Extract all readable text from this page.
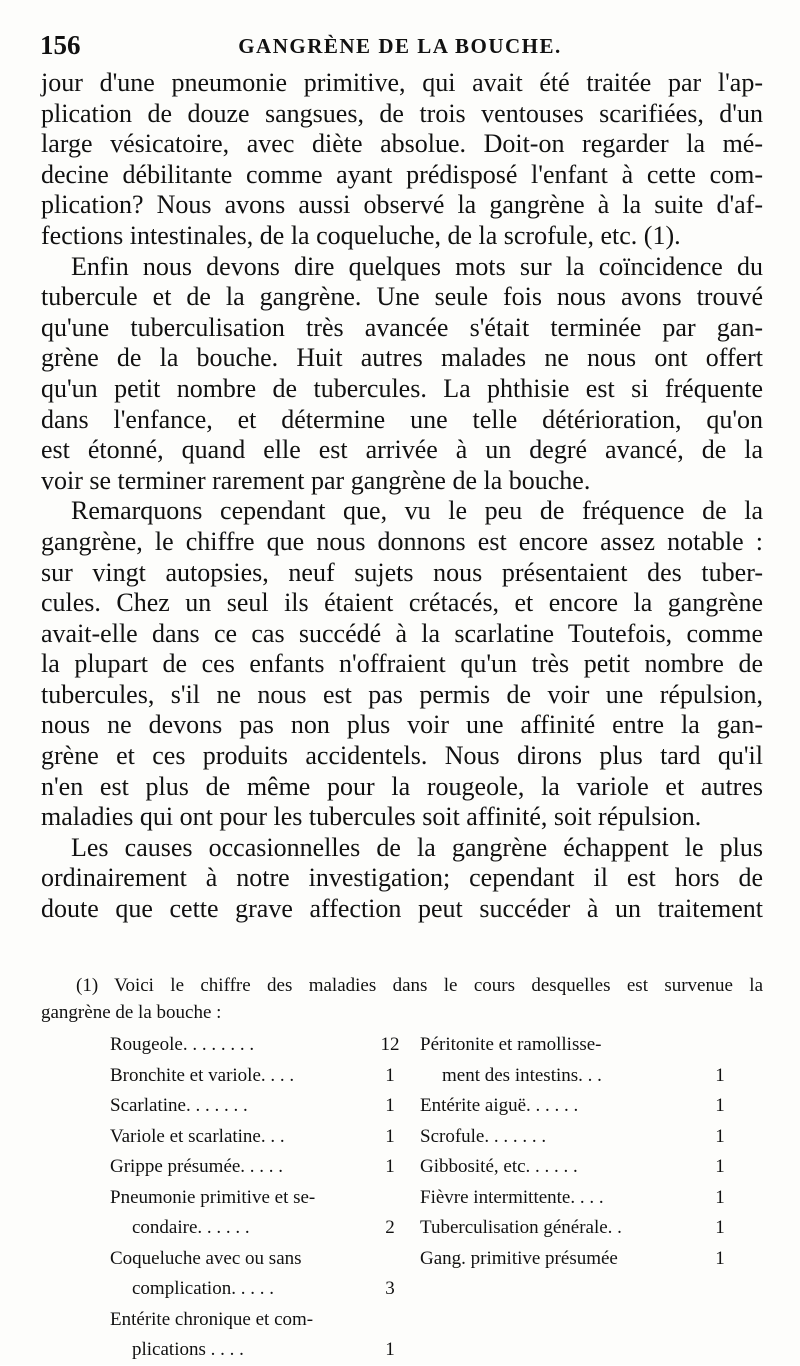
156	GANGRÈNE DE LA BOUCHE.
jour d'une pneumonie primitive, qui avait été traitée par l'ap-
plication de douze sangsues, de trois ventouses scarifiées, d'un
large vésicatoire, avec diète absolue. Doit-on regarder la mé-
decine débilitante comme ayant prédisposé l'enfant à cette com-
plication? Nous avons aussi observé la gangrène à la suite d'af-
fections intestinales, de la coqueluche, de la scrofule, etc. (1).
Enfin nous devons dire quelques mots sur la coïncidence du
tubercule et de la gangrène. Une seule fois nous avons trouvé
qu'une tuberculisation très avancée s'était terminée par gan-
grène de la bouche. Huit autres malades ne nous ont offert
qu'un petit nombre de tubercules. La phthisie est si fréquente
dans l'enfance, et détermine une telle détérioration, qu'on
est étonné, quand elle est arrivée à un degré avancé, de la
voir se terminer rarement par gangrène de la bouche.
Remarquons cependant que, vu le peu de fréquence de la
gangrène, le chiffre que nous donnons est encore assez notable :
sur vingt autopsies, neuf sujets nous présentaient des tuber-
cules. Chez un seul ils étaient crétacés, et encore la gangrène
avait-elle dans ce cas succédé à la scarlatine Toutefois, comme
la plupart de ces enfants n'offraient qu'un très petit nombre de
tubercules, s'il ne nous est pas permis de voir une répulsion,
nous ne devons pas non plus voir une affinité entre la gan-
grène et ces produits accidentels. Nous dirons plus tard qu'il
n'en est plus de même pour la rougeole, la variole et autres
maladies qui ont pour les tubercules soit affinité, soit répulsion.
Les causes occasionnelles de la gangrène échappent le plus
ordinairement à notre investigation; cependant il est hors de
doute que cette grave affection peut succéder à un traitement
(1) Voici le chiffre des maladies dans le cours desquelles est survenue la
gangrène de la bouche :
Rougeole. . . . . . . .	12
Bronchite et variole. . . .	1
Scarlatine. . . . . . .	1
Variole et scarlatine. . .	1
Grippe présumée. . . . .	1
Pneumonie primitive et se-
condaire. . . . . .	2
Coqueluche avec ou sans
complication. . . . .	3
Entérite chronique et com-
plications . . . .	1
Péritonite et ramollisse-
ment des intestins. . .	1
Entérite aiguë. . . . . .	1
Scrofule. . . . . . .	1
Gibbosité, etc. . . . . .	1
Fièvre intermittente. . . .	1
Tuberculisation générale. .	1
Gang. primitive présumée	1
